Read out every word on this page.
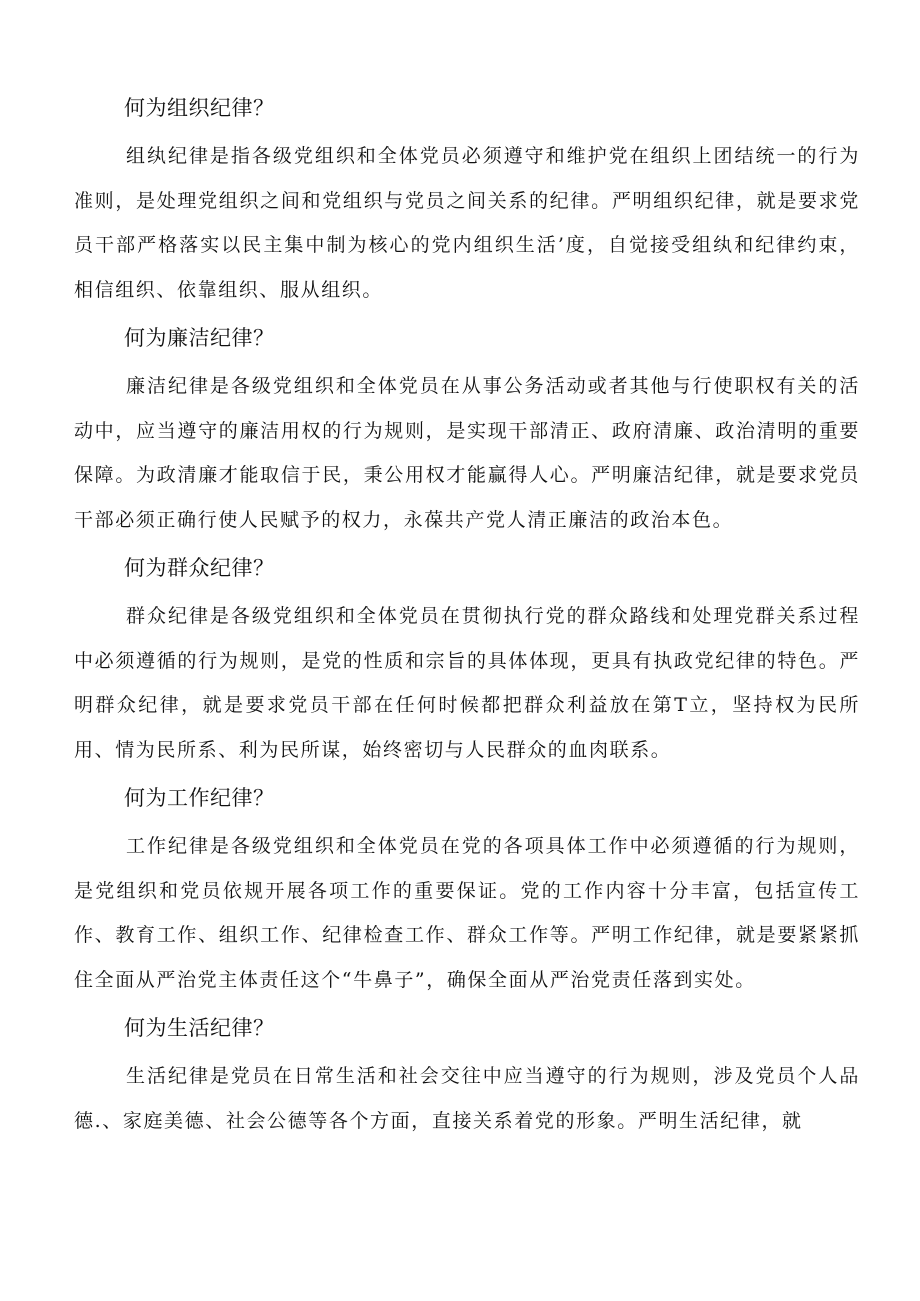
何为组织纪律？

组纨纪律是指各级党组织和全体党员必须遵守和维护党在组织上团结统一的行为准则，是处理党组织之间和党组织与党员之间关系的纪律。严明组织纪律，就是要求党员干部严格落实以民主集中制为核心的党内组织生活’度，自觉接受组纨和纪律约束，相信组织、依靠组织、服从组织。

何为廉洁纪律？

廉洁纪律是各级党组织和全体党员在从事公务活动或者其他与行使职权有关的活动中，应当遵守的廉洁用权的行为规则，是实现干部清正、政府清廉、政治清明的重要保障。为政清廉才能取信于民，秉公用权才能赢得人心。严明廉洁纪律，就是要求党员干部必须正确行使人民赋予的权力，永葆共产党人清正廉洁的政治本色。

何为群众纪律？

群众纪律是各级党组织和全体党员在贯彻执行党的群众路线和处理党群关系过程中必须遵循的行为规则，是党的性质和宗旨的具体体现，更具有执政党纪律的特色。严明群众纪律，就是要求党员干部在任何时候都把群众利益放在第T立，坚持权为民所用、情为民所系、利为民所谋，始终密切与人民群众的血肉联系。

何为工作纪律？

工作纪律是各级党组织和全体党员在党的各项具体工作中必须遵循的行为规则，是党组织和党员依规开展各项工作的重要保证。党的工作内容十分丰富，包括宣传工作、教育工作、组织工作、纪律检查工作、群众工作等。严明工作纪律，就是要紧紧抓住全面从严治党主体责任这个“牛鼻子”，确保全面从严治党责任落到实处。

何为生活纪律？

生活纪律是党员在日常生活和社会交往中应当遵守的行为规则，涉及党员个人品德.、家庭美德、社会公德等各个方面，直接关系着党的形象。严明生活纪律，就
